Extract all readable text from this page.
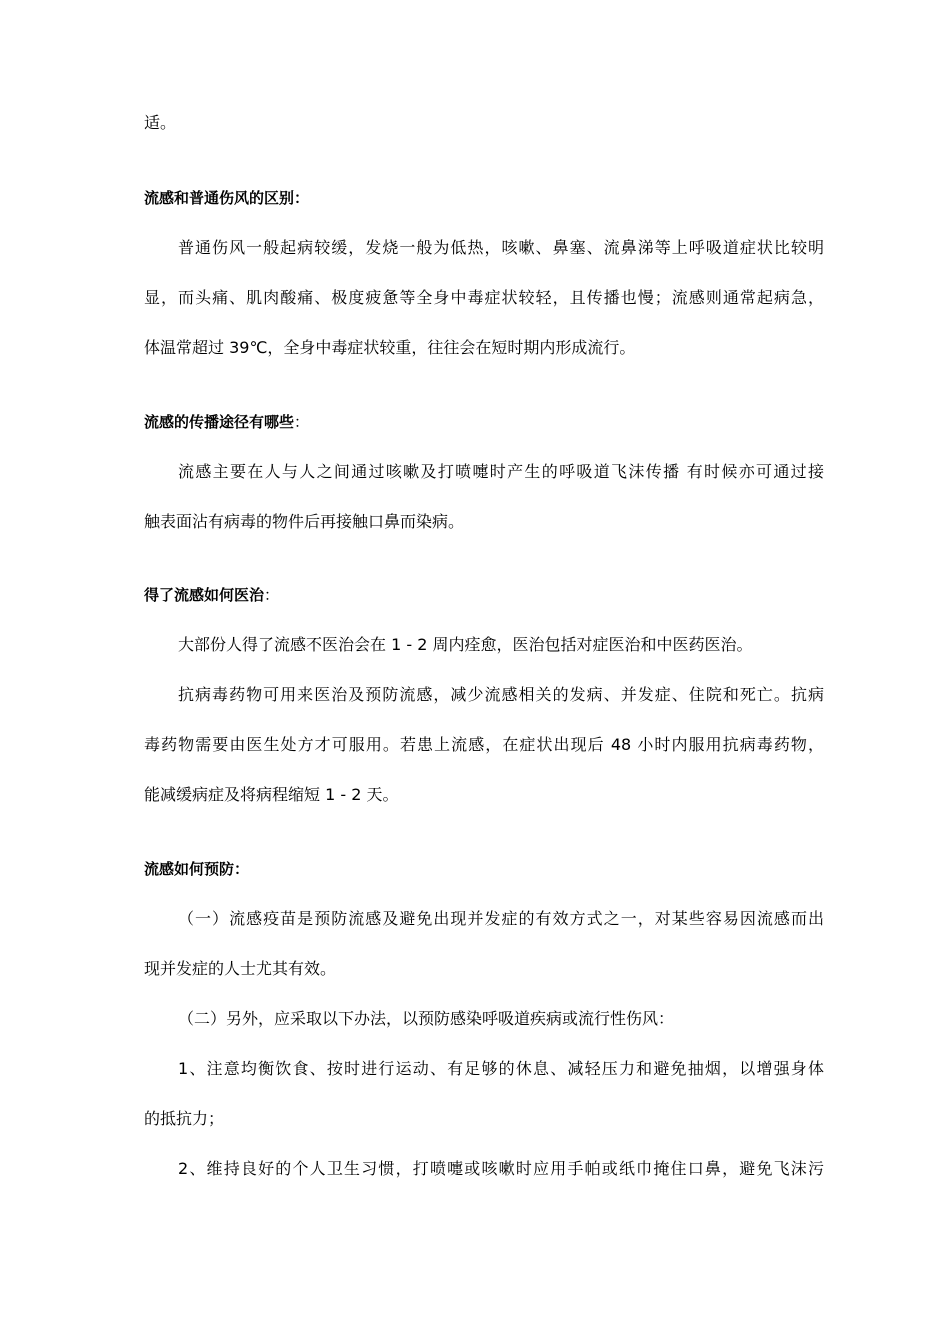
适。
流感和普通伤风的区别：
普通伤风一般起病较缓，发烧一般为低热，咳嗽、鼻塞、流鼻涕等上呼吸道症状比较明
显，而头痛、肌肉酸痛、极度疲惫等全身中毒症状较轻，且传播也慢；流感则通常起病急，
体温常超过 39℃，全身中毒症状较重，往往会在短时期内形成流行。
流感的传播途径有哪些：
流感主要在人与人之间通过咳嗽及打喷嚏时产生的呼吸道飞沫传播 有时候亦可通过接
触表面沾有病毒的物件后再接触口鼻而染病。
得了流感如何医治：
大部份人得了流感不医治会在 1 - 2 周内痊愈，医治包括对症医治和中医药医治。
抗病毒药物可用来医治及预防流感，减少流感相关的发病、并发症、住院和死亡。抗病
毒药物需要由医生处方才可服用。若患上流感，在症状出现后 48 小时内服用抗病毒药物，
能减缓病症及将病程缩短 1 - 2 天。
流感如何预防：
（一）流感疫苗是预防流感及避免出现并发症的有效方式之一，对某些容易因流感而出
现并发症的人士尤其有效。
（二）另外，应采取以下办法，以预防感染呼吸道疾病或流行性伤风：
1、注意均衡饮食、按时进行运动、有足够的休息、减轻压力和避免抽烟，以增强身体
的抵抗力；
2、维持良好的个人卫生习惯，打喷嚏或咳嗽时应用手帕或纸巾掩住口鼻，避免飞沫污
